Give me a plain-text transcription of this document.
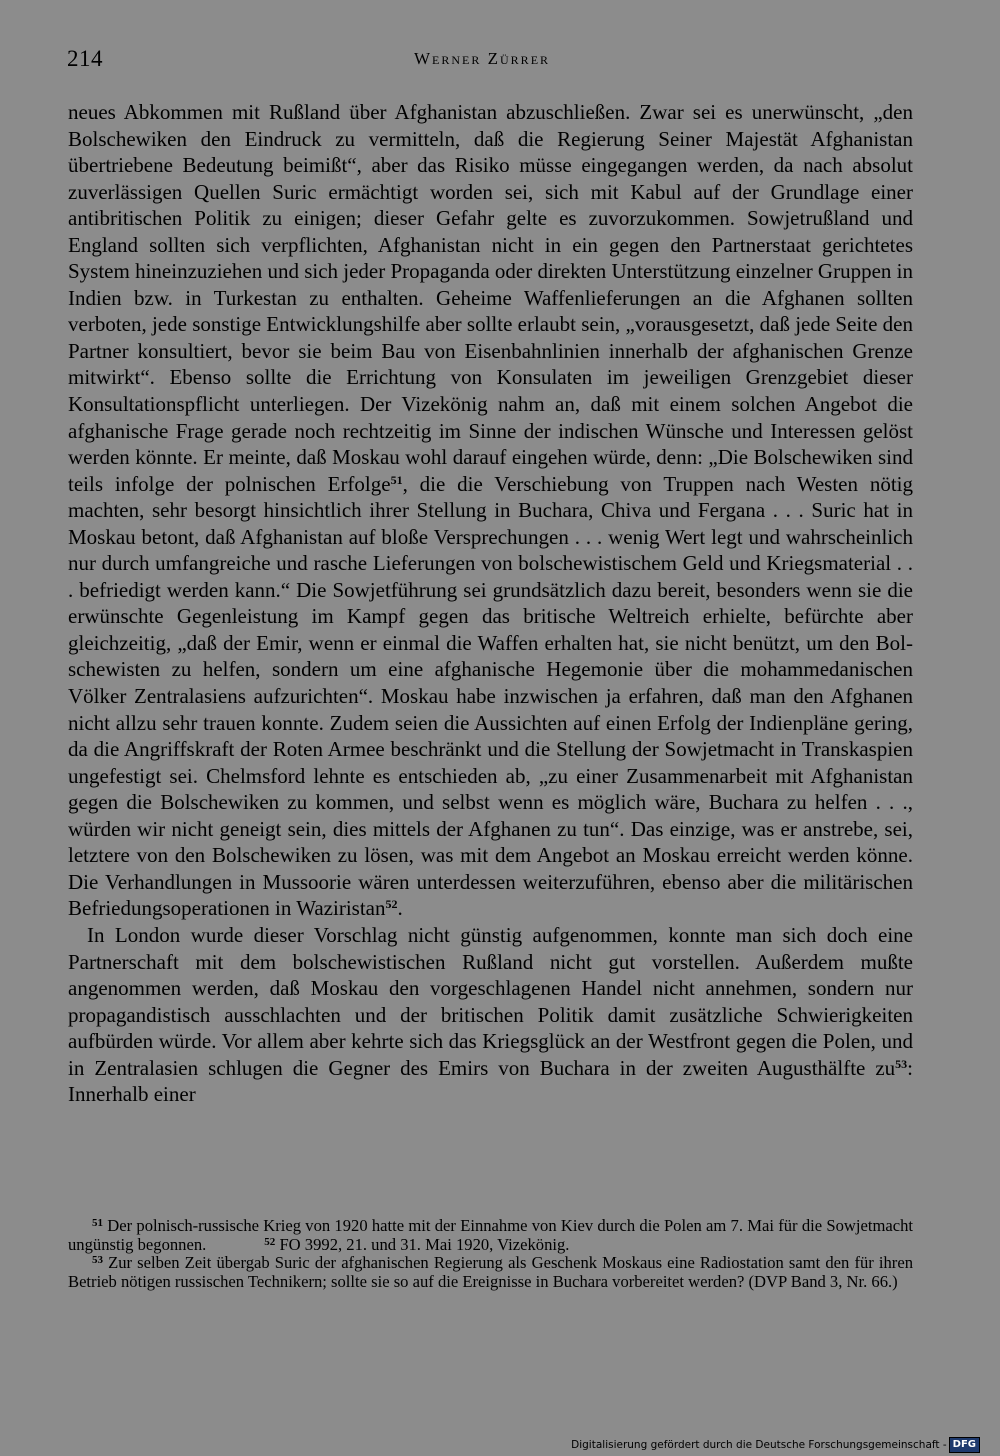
214	Werner Zürrer

neues Abkommen mit Rußland über Afghanistan abzuschließen. Zwar sei es unerwünscht, „den Bolschewiken den Eindruck zu vermitteln, daß die Regierung Seiner Majestät Afghanistan übertriebene Bedeutung beimißt“, aber das Risiko müsse eingegangen werden, da nach absolut zuverlässigen Quellen Suric ermächtigt worden sei, sich mit Kabul auf der Grundlage einer antibritischen Politik zu einigen; dieser Gefahr gelte es zuvorzukommen. Sowjetrußland und England sollten sich verpflichten, Afghanistan nicht in ein gegen den Partnerstaat gerichtetes System hineinzuziehen und sich jeder Propaganda oder direkten Unterstützung einzelner Gruppen in Indien bzw. in Turkestan zu enthalten. Geheime Waffenlieferungen an die Afghanen sollten verboten, jede sonstige Entwicklungshilfe aber sollte erlaubt sein, „vorausgesetzt, daß jede Seite den Partner konsultiert, bevor sie beim Bau von Eisenbahnlinien innerhalb der afghanischen Grenze mitwirkt“. Ebenso sollte die Errichtung von Konsulaten im jeweiligen Grenzgebiet dieser Konsultationspflicht unterliegen. Der Vizekönig nahm an, daß mit einem solchen Angebot die afghanische Frage gerade noch rechtzeitig im Sinne der indischen Wünsche und Interessen gelöst werden könnte. Er meinte, daß Moskau wohl darauf eingehen würde, denn: „Die Bolschewiken sind teils infolge der polnischen Erfolge$^{51}$, die die Verschiebung von Truppen nach Westen nötig machten, sehr besorgt hinsichtlich ihrer Stellung in Buchara, Chiva und Fergana . . . Suric hat in Moskau betont, daß Afghanistan auf bloße Versprechungen . . . wenig Wert legt und wahrscheinlich nur durch umfangreiche und rasche Lieferungen von bolschewistischem Geld und Kriegsmaterial . . . befriedigt werden kann.“ Die Sowjetführung sei grundsätzlich dazu bereit, besonders wenn sie die erwünschte Gegenleistung im Kampf gegen das britische Weltreich erhielte, befürchte aber gleichzeitig, „daß der Emir, wenn er einmal die Waffen erhalten hat, sie nicht benützt, um den Bolschewisten zu helfen, sondern um eine afghanische Hegemonie über die mohammedanischen Völker Zentralasiens aufzurichten“. Moskau habe inzwischen ja erfahren, daß man den Afghanen nicht allzu sehr trauen konnte. Zudem seien die Aussichten auf einen Erfolg der Indienpläne gering, da die Angriffskraft der Roten Armee beschränkt und die Stellung der Sowjetmacht in Transkaspien ungefestigt sei. Chelmsford lehnte es entschieden ab, „zu einer Zusammenarbeit mit Afghanistan gegen die Bolschewiken zu kommen, und selbst wenn es möglich wäre, Buchara zu helfen . . ., würden wir nicht geneigt sein, dies mittels der Afghanen zu tun“. Das einzige, was er anstrebe, sei, letztere von den Bolschewiken zu lösen, was mit dem Angebot an Moskau erreicht werden könne. Die Verhandlungen in Mussoorie wären unterdessen weiterzuführen, ebenso aber die militärischen Befriedungsoperationen in Waziristan$^{52}$.

In London wurde dieser Vorschlag nicht günstig aufgenommen, konnte man sich doch eine Partnerschaft mit dem bolschewistischen Rußland nicht gut vorstellen. Außerdem mußte angenommen werden, daß Moskau den vorgeschlagenen Handel nicht annehmen, sondern nur propagandistisch ausschlachten und der britischen Politik damit zusätzliche Schwierigkeiten aufbürden würde. Vor allem aber kehrte sich das Kriegsglück an der Westfront gegen die Polen, und in Zentralasien schlugen die Gegner des Emirs von Buchara in der zweiten Augusthälfte $zu^{53}$: Innerhalb einer

$^{51}$ Der polnisch-russische Krieg von 1920 hatte mit der Einnahme von Kiev durch die Polen am 7. Mai für die Sowjetmacht ungünstig begonnen.	$^{52}$ FO 3992, 21. und 31. Mai 1920, Vizekönig.

$^{53}$ Zur selben Zeit übergab Suric der afghanischen Regierung als Geschenk Moskaus eine Radiostation samt den für ihren Betrieb nötigen russischen Technikern; sollte sie so auf die Ereignisse in Buchara vorbereitet werden? (DVP Band 3, Nr. 66.)

Digitalisierung gefördert durch die Deutsche Forschungsgemeinschaft - DFG
